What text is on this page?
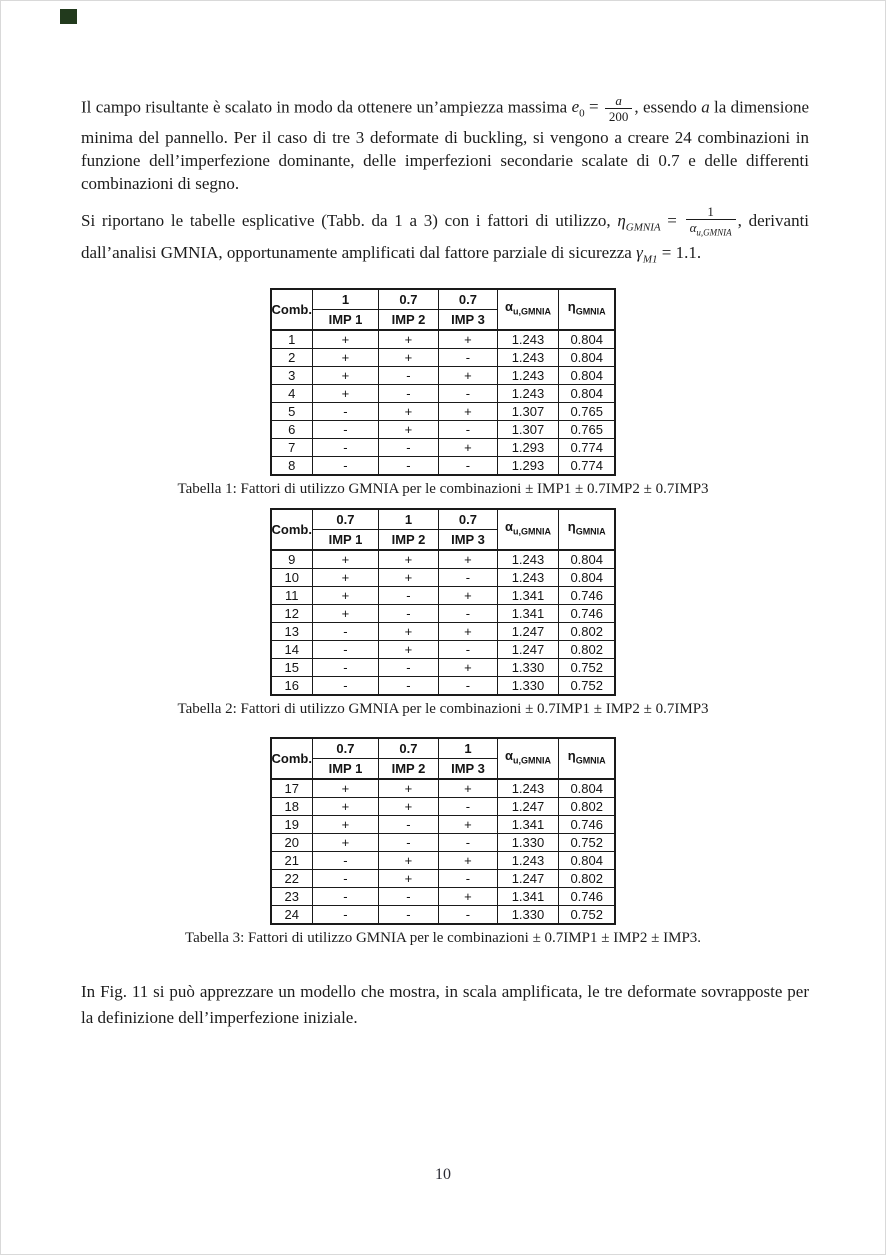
Il campo risultante è scalato in modo da ottenere un’ampiezza massima $e_0 = \frac{a}{200}$ , essendo a la dimensione minima del pannello. Per il caso di tre 3 deformate di buckling, si vengono a creare 24 combinazioni in funzione dell’imperfezione dominante, delle imperfezioni secondarie scalate di 0.7 e delle differenti combinazioni di segno.

Si riportano le tabelle esplicative (Tabb. da 1 a 3) con i fattori di utilizzo, $\eta_{GMNIA} = \frac{1}{\alpha_{u,GMNIA}}$ , derivanti dall’analisi GMNIA, opportunamente amplificati dal fattore parziale di sicurezza $\gamma_{M1} = 1.1$.

Comb.	1	0.7	0.7	$\alpha_{u,GMNIA}$	$\eta_{GMNIA}$
	IMP 1	IMP 2	IMP 3		
1	+	+	+	1.243	0.804
2	+	+	-	1.243	0.804
3	+	-	+	1.243	0.804
4	+	-	-	1.243	0.804
5	-	+	+	1.307	0.765
6	-	+	-	1.307	0.765
7	-	-	+	1.293	0.774
8	-	-	-	1.293	0.774
Tabella 1: Fattori di utilizzo GMNIA per le combinazioni ± IMP1 ± 0.7IMP2 ± 0.7IMP3
Comb.	0.7	1	0.7	$\alpha_{u,GMNIA}$	$\eta_{GMNIA}$
	IMP 1	IMP 2	IMP 3		
9	+	+	+	1.243	0.804
10	+	+	-	1.243	0.804
11	+	-	+	1.341	0.746
12	+	-	-	1.341	0.746
13	-	+	+	1.247	0.802
14	-	+	-	1.247	0.802
15	-	-	+	1.330	0.752
16	-	-	-	1.330	0.752
Tabella 2: Fattori di utilizzo GMNIA per le combinazioni ± 0.7IMP1 ± IMP2 ± 0.7IMP3
Comb.	0.7	0.7	1	$\alpha_{u,GMNIA}$	$\eta_{GMNIA}$
	IMP 1	IMP 2	IMP 3		
17	+	+	+	1.243	0.804
18	+	+	-	1.247	0.802
19	+	-	+	1.341	0.746
20	+	-	-	1.330	0.752
21	-	+	+	1.243	0.804
22	-	+	-	1.247	0.802
23	-	-	+	1.341	0.746
24	-	-	-	1.330	0.752
Tabella 3: Fattori di utilizzo GMNIA per le combinazioni ± 0.7IMP1 ± IMP2 ± IMP3.

In Fig. 11 si può apprezzare un modello che mostra, in scala amplificata, le tre deformate sovrapposte per la definizione dell’imperfezione iniziale.

10
